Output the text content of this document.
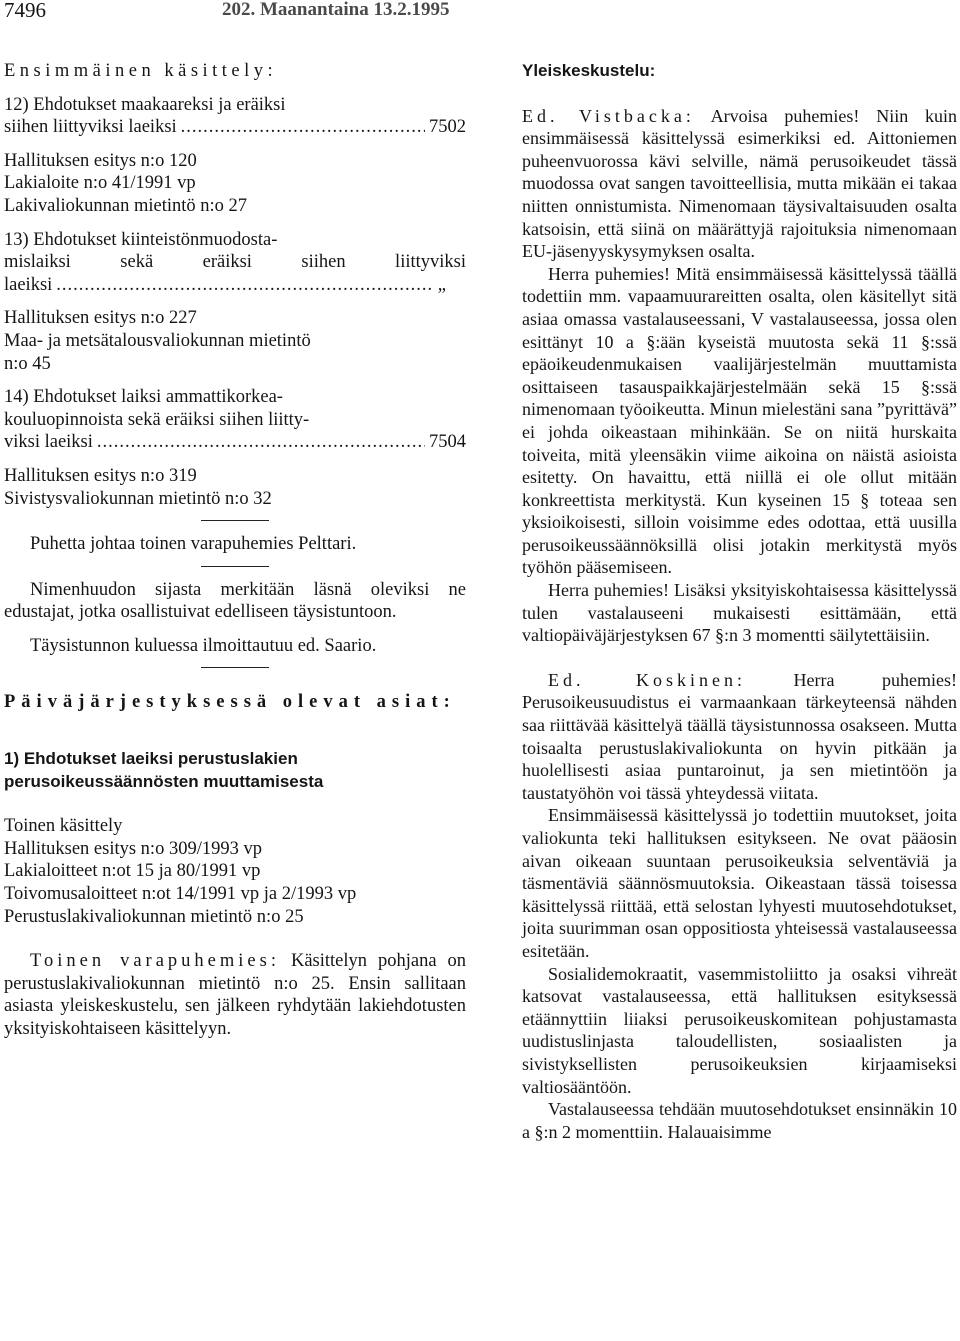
7496	202. Maanantaina 13.2.1995

Ensimmäinen käsittely:

12) Ehdotukset maakaareksi ja eräiksi

siihen liittyviksi laeiksi .....	7502

Hallituksen esitys n:o 120

Lakialoite n:o 41/1991 vp

Lakivaliokunnan mietintö n:o 27

13) Ehdotukset kiinteistönmuodosta-

mislaiksi sekä eräiksi siihen liittyviksi

laeiksi .....	„

Hallituksen esitys n:o 227

Maa- ja metsätalousvaliokunnan mietintö

n:o 45

14) Ehdotukset laiksi ammattikorkea-

kouluopinnoista sekä eräiksi siihen liitty-

viksi laeiksi .....	7504

Hallituksen esitys n:o 319

Sivistysvaliokunnan mietintö n:o 32

Puhetta johtaa toinen varapuhemies Pelttari.

Nimenhuudon sijasta merkitään läsnä oleviksi ne edustajat, jotka osallistuivat edelliseen täysistuntoon.

Täysistunnon kuluessa ilmoittautuu ed. Saario.

Päiväjärjestyksessä olevat asiat:

1) Ehdotukset laeiksi perustuslakien perusoikeussäännösten muuttamisesta

Toinen käsittely

Hallituksen esitys n:o 309/1993 vp

Lakialoitteet n:ot 15 ja 80/1991 vp

Toivomusaloitteet n:ot 14/1991 vp ja 2/1993 vp

Perustuslakivaliokunnan mietintö n:o 25

Toinen varapuhemies: Käsittelyn pohjana on perustuslakivaliokunnan mietintö n:o 25. Ensin sallitaan asiasta yleiskeskustelu, sen jälkeen ryhdytään lakiehdotusten yksityiskohtaiseen käsittelyyn.

Yleiskeskustelu:

Ed. Vistbacka: Arvoisa puhemies! Niin kuin ensimmäisessä käsittelyssä esimerkiksi ed. Aittoniemen puheenvuorossa kävi selville, nämä perusoikeudet tässä muodossa ovat sangen tavoitteellisia, mutta mikään ei takaa niitten onnistumista. Nimenomaan täysivaltaisuuden osalta katsoisin, että siinä on määrättyjä rajoituksia nimenomaan EU-jäsenyyskysymyksen osalta.

Herra puhemies! Mitä ensimmäisessä käsittelyssä täällä todettiin mm. vapaamuurareitten osalta, olen käsitellyt sitä asiaa omassa vastalauseessani, V vastalauseessa, jossa olen esittänyt 10 a §:ään kyseistä muutosta sekä 11 §:ssä epäoikeudenmukaisen vaalijärjestelmän muuttamista osittaiseen tasauspaikkajärjestelmään sekä 15 §:ssä nimenomaan työoikeutta. Minun mielestäni sana ”pyrittävä” ei johda oikeastaan mihinkään. Se on niitä hurskaita toiveita, mitä yleensäkin viime aikoina on näistä asioista esitetty. On havaittu, että niillä ei ole ollut mitään konkreettista merkitystä. Kun kyseinen 15 § toteaa sen yksioikoisesti, silloin voisimme edes odottaa, että uusilla perusoikeussäännöksillä olisi jotakin merkitystä myös työhön pääsemiseen.

Herra puhemies! Lisäksi yksityiskohtaisessa käsittelyssä tulen vastalauseeni mukaisesti esittämään, että valtiopäiväjärjestyksen 67 §:n 3 momentti säilytettäisiin.

Ed. Koskinen:	Herra puhemies! Perusoikeusuudistus ei varmaankaan tärkeyteensä nähden saa riittävää käsittelyä täällä täysistunnossa osakseen. Mutta toisaalta perustuslakivaliokunta on hyvin pitkään ja huolellisesti asiaa puntaroinut, ja sen mietintöön ja taustatyöhön voi tässä yhteydessä viitata.

Ensimmäisessä käsittelyssä jo todettiin muutokset, joita valiokunta teki hallituksen esitykseen. Ne ovat pääosin aivan oikeaan suuntaan perusoikeuksia selventäviä ja täsmentäviä säännösmuutoksia. Oikeastaan tässä toisessa käsittelyssä riittää, että selostan lyhyesti muutosehdotukset, joita suurimman osan oppositiosta yhteisessä vastalauseessa esitetään.

Sosialidemokraatit, vasemmistoliitto ja osaksi vihreät katsovat vastalauseessa, että hallituksen esityksessä etäännyttiin liiaksi perusoikeuskomitean pohjustamasta uudistuslinjasta taloudellisten, sosiaalisten ja sivistyksellisten perusoikeuksien kirjaamiseksi valtiosääntöön.

Vastalauseessa tehdään muutosehdotukset ensinnäkin 10 a §:n 2 momenttiin. Halauaisimme
